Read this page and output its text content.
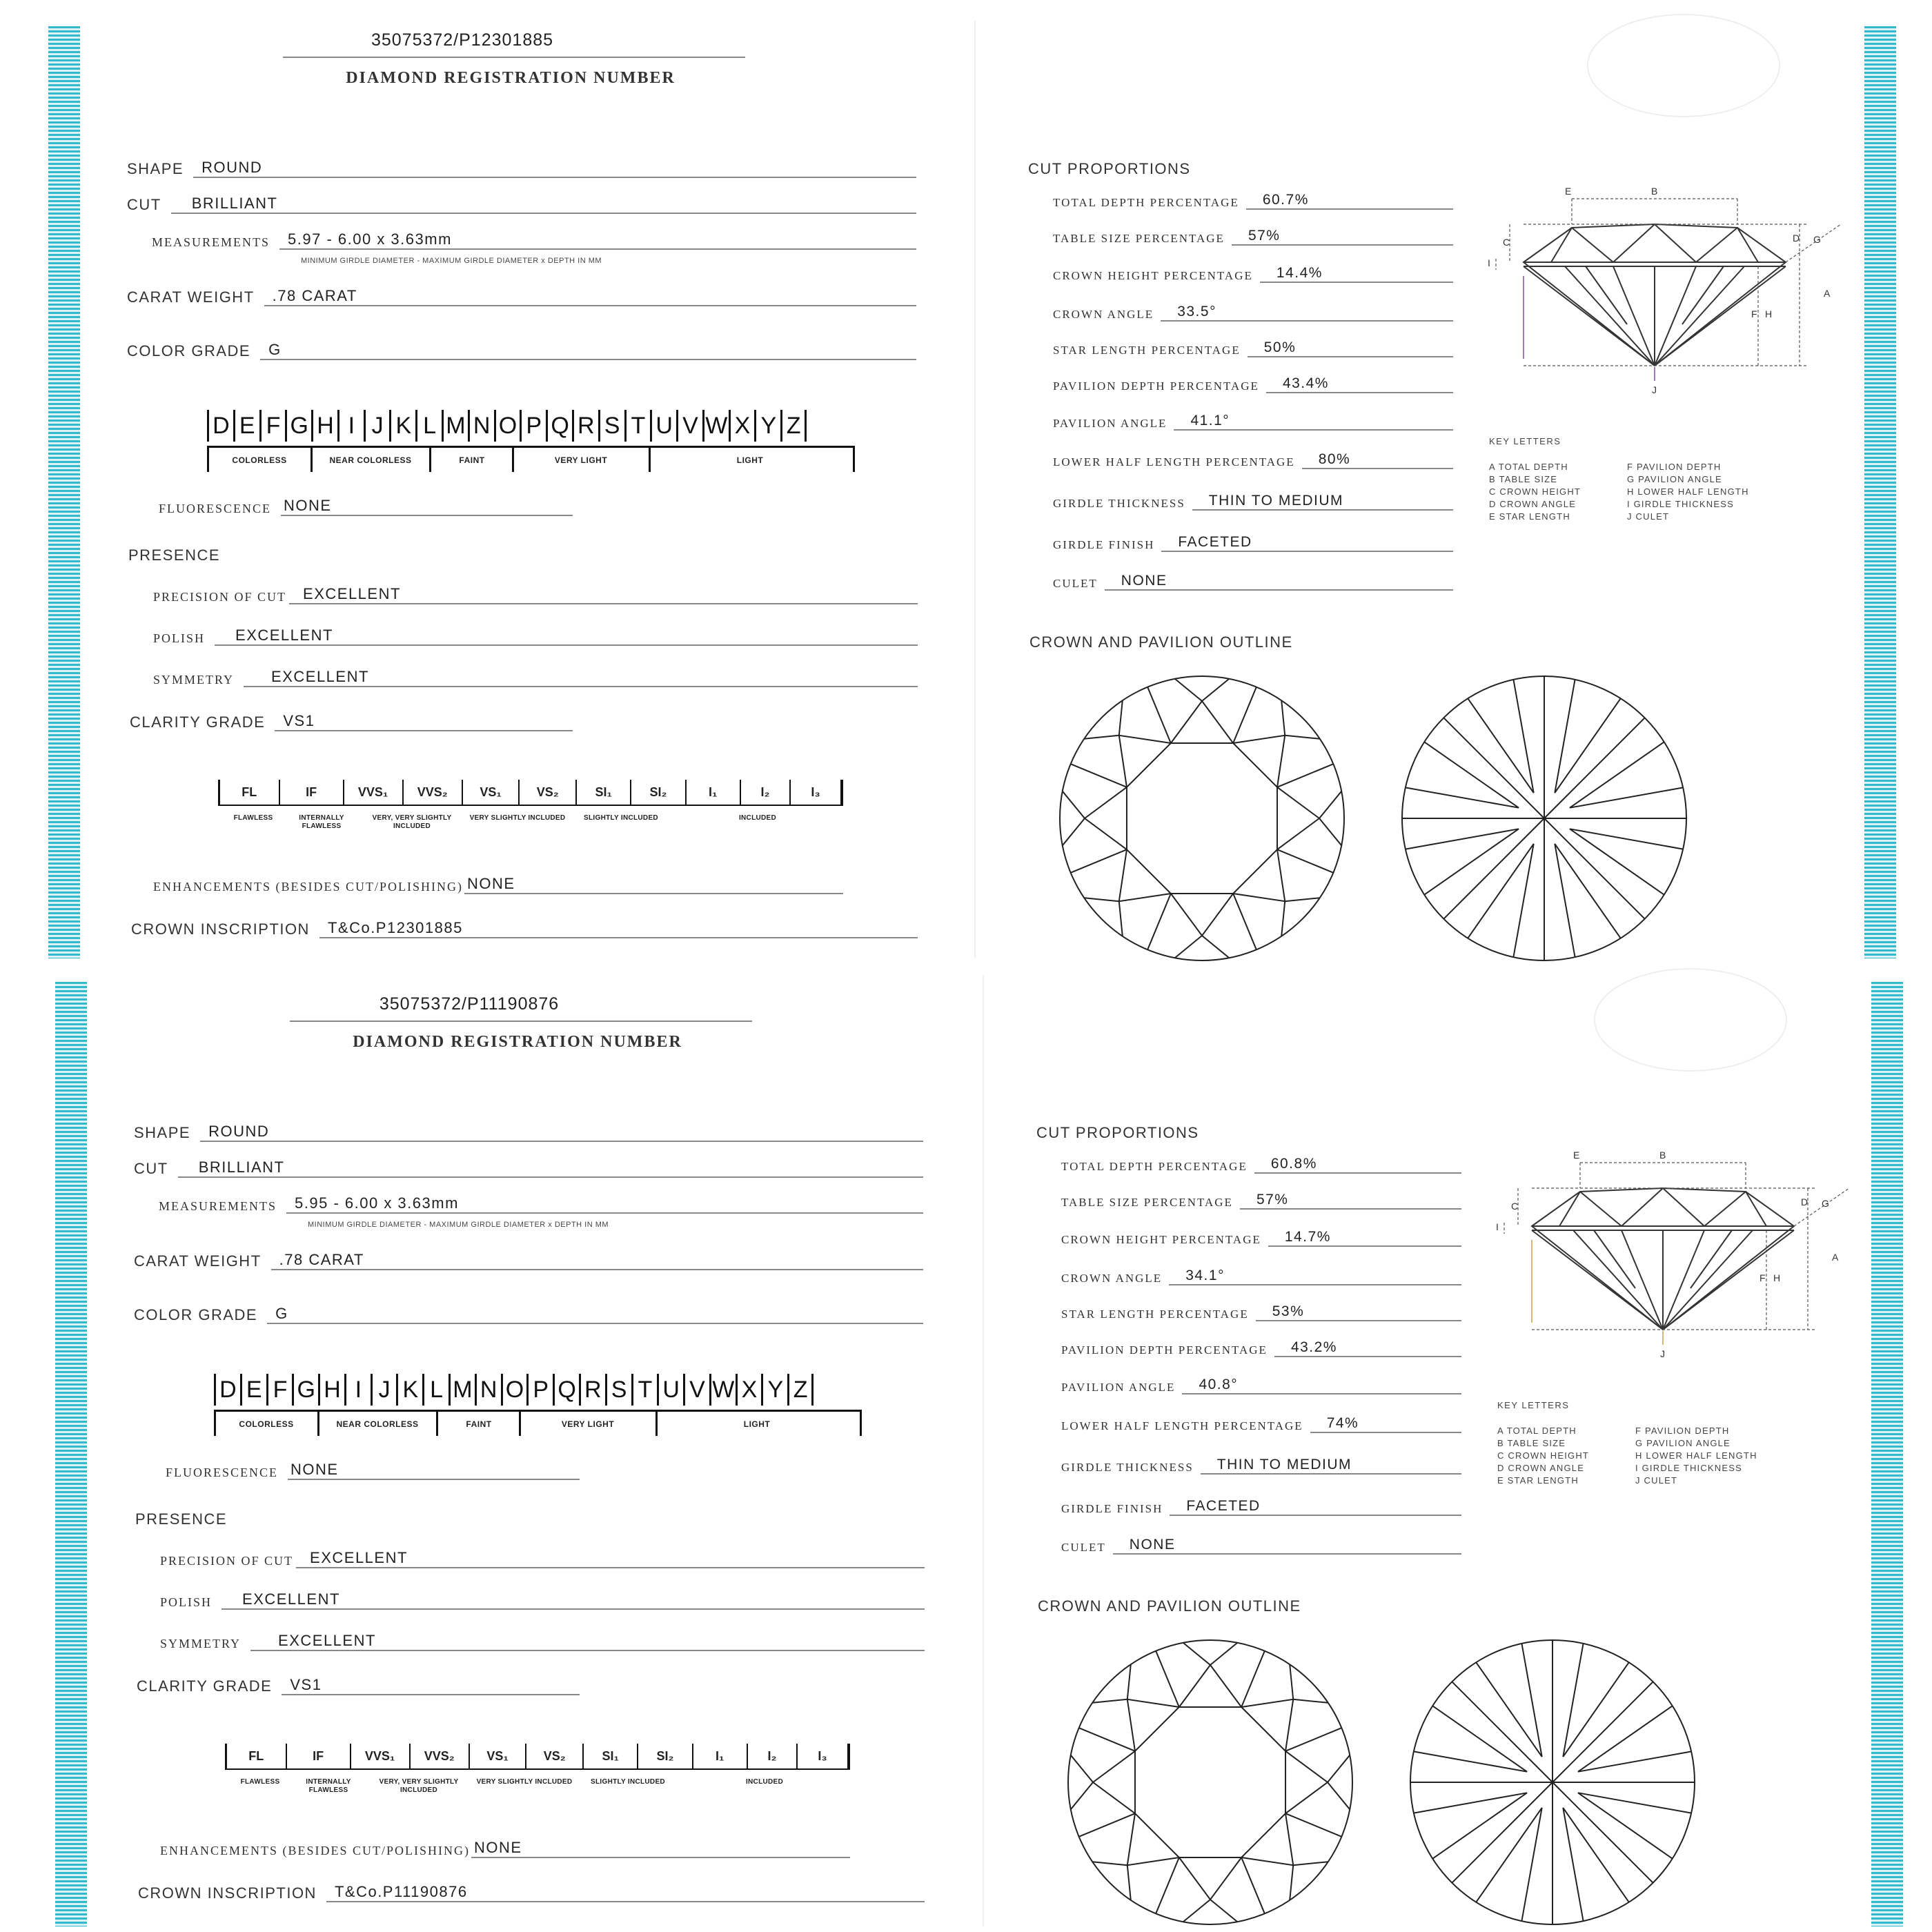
35075372/P12301885
DIAMOND REGISTRATION NUMBER
SHAPE	ROUND
CUT	BRILLIANT
MEASUREMENTS	5.97 - 6.00 x 3.63mm
MINIMUM GIRDLE DIAMETER - MAXIMUM GIRDLE DIAMETER x DEPTH IN MM
CARAT WEIGHT	.78 CARAT
COLOR GRADE	G
D E F G H I J K L M N O P Q R S T U V W X Y Z
COLORLESS	NEAR COLORLESS	FAINT	VERY LIGHT	LIGHT
FLUORESCENCE NONE
PRESENCE
PRECISION OF CUT	EXCELLENT
POLISH	EXCELLENT
SYMMETRY	EXCELLENT
CLARITY GRADE	VS1
FL	IF	VVS₁	VVS₂	VS₁	VS₂	SI₁	SI₂	I₁	I₂	I₃
FLAWLESS	INTERNALLY FLAWLESS
VERY, VERY SLIGHTLY INCLUDED
VERY SLIGHTLY INCLUDED	SLIGHTLY INCLUDED	INCLUDED
ENHANCEMENTS (BESIDES CUT/POLISHING) NONE
CROWN INSCRIPTION	T&Co.P12301885
CUT PROPORTIONS
TOTAL DEPTH PERCENTAGE	60.7%
TABLE SIZE PERCENTAGE	57%
CROWN HEIGHT PERCENTAGE	14.4%
CROWN ANGLE	33.5°
STAR LENGTH PERCENTAGE	50%
PAVILION DEPTH PERCENTAGE	43.4%
PAVILION ANGLE	41.1°
LOWER HALF LENGTH PERCENTAGE	80%
GIRDLE THICKNESS	THIN TO MEDIUM
GIRDLE FINISH	FACETED
CULET	NONE
A
B
C	D
E
F
G
H
I
J
KEY LETTERS
A TOTAL DEPTH
B TABLE SIZE
C CROWN HEIGHT
D CROWN ANGLE
E STAR LENGTH
F PAVILION DEPTH
G PAVILION ANGLE
H LOWER HALF LENGTH
I GIRDLE THICKNESS
J CULET
CROWN AND PAVILION OUTLINE
35075372/P11190876
DIAMOND REGISTRATION NUMBER
SHAPE	ROUND
CUT	BRILLIANT
MEASUREMENTS	5.95 - 6.00 x 3.63mm
MINIMUM GIRDLE DIAMETER - MAXIMUM GIRDLE DIAMETER x DEPTH IN MM
CARAT WEIGHT	.78 CARAT
COLOR GRADE	G
D E F G H I J K L M N O P Q R S T U V W X Y Z
COLORLESS	NEAR COLORLESS	FAINT	VERY LIGHT	LIGHT
FLUORESCENCE NONE
PRESENCE
PRECISION OF CUT	EXCELLENT
POLISH	EXCELLENT
SYMMETRY	EXCELLENT
CLARITY GRADE	VS1
FL	IF	VVS₁	VVS₂	VS₁	VS₂	SI₁	SI₂	I₁	I₂	I₃
FLAWLESS	INTERNALLY FLAWLESS
VERY, VERY SLIGHTLY INCLUDED
VERY SLIGHTLY INCLUDED	SLIGHTLY INCLUDED	INCLUDED
ENHANCEMENTS (BESIDES CUT/POLISHING) NONE
CROWN INSCRIPTION	T&Co.P11190876
CUT PROPORTIONS
TOTAL DEPTH PERCENTAGE	60.8%
TABLE SIZE PERCENTAGE	57%
CROWN HEIGHT PERCENTAGE	14.7%
CROWN ANGLE	34.1°
STAR LENGTH PERCENTAGE	53%
PAVILION DEPTH PERCENTAGE	43.2%
PAVILION ANGLE	40.8°
LOWER HALF LENGTH PERCENTAGE	74%
GIRDLE THICKNESS	THIN TO MEDIUM
GIRDLE FINISH	FACETED
CULET	NONE
A
B
C	D
E
F
G
H
I
J
KEY LETTERS
A TOTAL DEPTH
B TABLE SIZE
C CROWN HEIGHT
D CROWN ANGLE
E STAR LENGTH
F PAVILION DEPTH
G PAVILION ANGLE
H LOWER HALF LENGTH
I GIRDLE THICKNESS
J CULET
CROWN AND PAVILION OUTLINE
